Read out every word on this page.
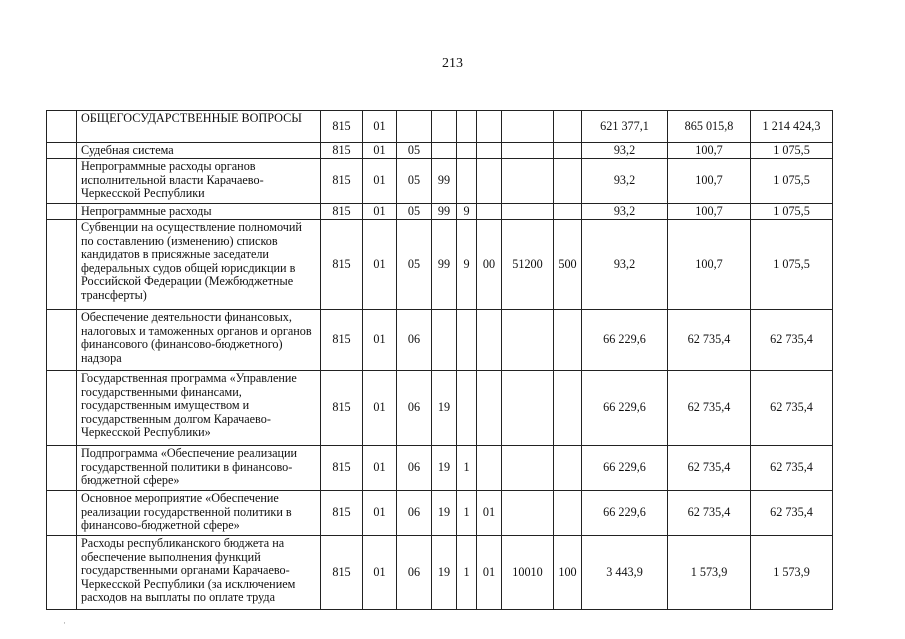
213
	ОБЩЕГОСУДАРСТВЕННЫЕ ВОПРОСЫ	815	01							621 377,1	865 015,8	1 214 424,3
	Судебная система	815	01	05						93,2	100,7	1 075,5
	Непрограммные расходы органов исполнительной власти Карачаево-Черкесской Республики	815	01	05	99					93,2	100,7	1 075,5
	Непрограммные расходы	815	01	05	99	9				93,2	100,7	1 075,5
	Субвенции на осуществление полномочий по составлению (изменению) списков кандидатов в присяжные заседатели федеральных судов общей юрисдикции в Российской Федерации (Межбюджетные трансферты)	815	01	05	99	9	00	51200	500	93,2	100,7	1 075,5
	Обеспечение деятельности финансовых, налоговых и таможенных органов и органов финансового (финансово-бюджетного) надзора	815	01	06						66 229,6	62 735,4	62 735,4
	Государственная программа «Управление государственными финансами, государственным имуществом и государственным долгом Карачаево-Черкесской Республики»	815	01	06	19					66 229,6	62 735,4	62 735,4
	Подпрограмма «Обеспечение реализации государственной политики в финансово-бюджетной сфере»	815	01	06	19	1				66 229,6	62 735,4	62 735,4
	Основное мероприятие «Обеспечение реализации государственной политики в финансово-бюджетной сфере»	815	01	06	19	1	01			66 229,6	62 735,4	62 735,4
	Расходы республиканского бюджета на обеспечение выполнения функций государственными органами Карачаево-Черкесской Республики (за исключением расходов на выплаты по оплате труда	815	01	06	19	1	01	10010	100	3 443,9	1 573,9	1 573,9
·
